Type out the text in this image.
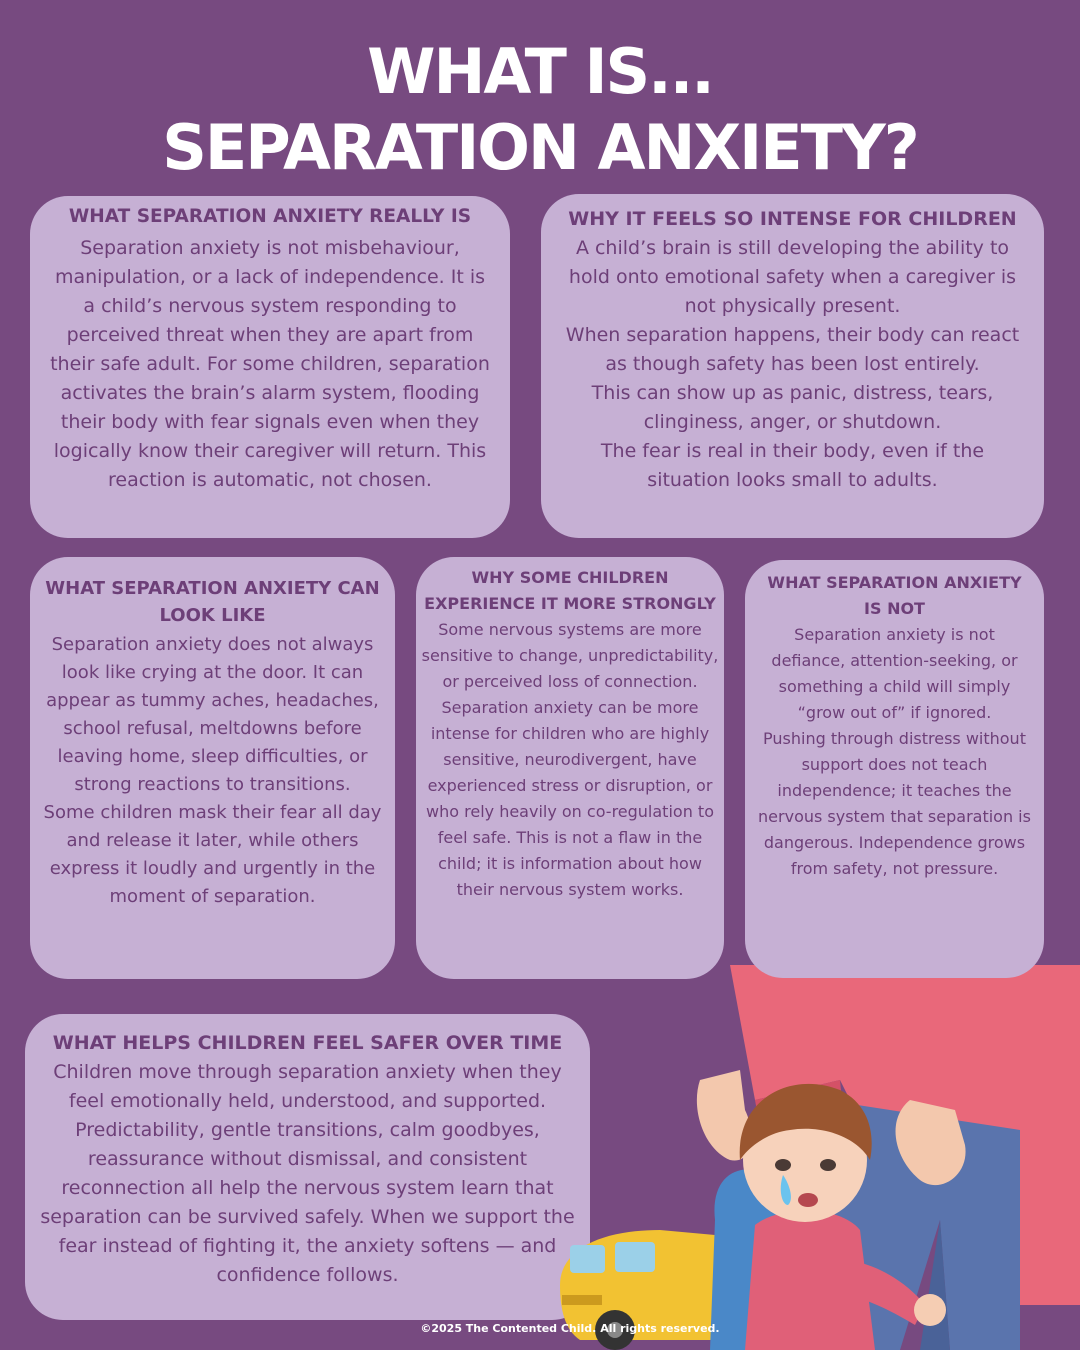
WHAT IS...
SEPARATION ANXIETY?
WHAT SEPARATION ANXIETY REALLY IS

Separation anxiety is not misbehaviour, manipulation, or a lack of independence. It is a child’s nervous system responding to perceived threat when they are apart from their safe adult. For some children, separation activates the brain’s alarm system, flooding their body with fear signals even when they logically know their caregiver will return. This reaction is automatic, not chosen.

WHY IT FEELS SO INTENSE FOR CHILDREN

A child’s brain is still developing the ability to hold onto emotional safety when a caregiver is not physically present.
When separation happens, their body can react as though safety has been lost entirely.
This can show up as panic, distress, tears, clinginess, anger, or shutdown.
The fear is real in their body, even if the situation looks small to adults.

WHAT SEPARATION ANXIETY CAN LOOK LIKE

Separation anxiety does not always look like crying at the door. It can appear as tummy aches, headaches, school refusal, meltdowns before leaving home, sleep difficulties, or strong reactions to transitions.
Some children mask their fear all day and release it later, while others express it loudly and urgently in the moment of separation.

WHY SOME CHILDREN EXPERIENCE IT MORE STRONGLY

Some nervous systems are more sensitive to change, unpredictability, or perceived loss of connection. Separation anxiety can be more intense for children who are highly sensitive, neurodivergent, have experienced stress or disruption, or who rely heavily on co-regulation to feel safe. This is not a flaw in the child; it is information about how their nervous system works.

WHAT SEPARATION ANXIETY IS NOT

Separation anxiety is not defiance, attention-seeking, or something a child will simply “grow out of” if ignored.
Pushing through distress without support does not teach independence; it teaches the nervous system that separation is dangerous. Independence grows from safety, not pressure.

WHAT HELPS CHILDREN FEEL SAFER OVER TIME

Children move through separation anxiety when they feel emotionally held, understood, and supported. Predictability, gentle transitions, calm goodbyes, reassurance without dismissal, and consistent reconnection all help the nervous system learn that separation can be survived safely. When we support the fear instead of fighting it, the anxiety softens — and confidence follows.

©2025 The Contented Child. All rights reserved.
